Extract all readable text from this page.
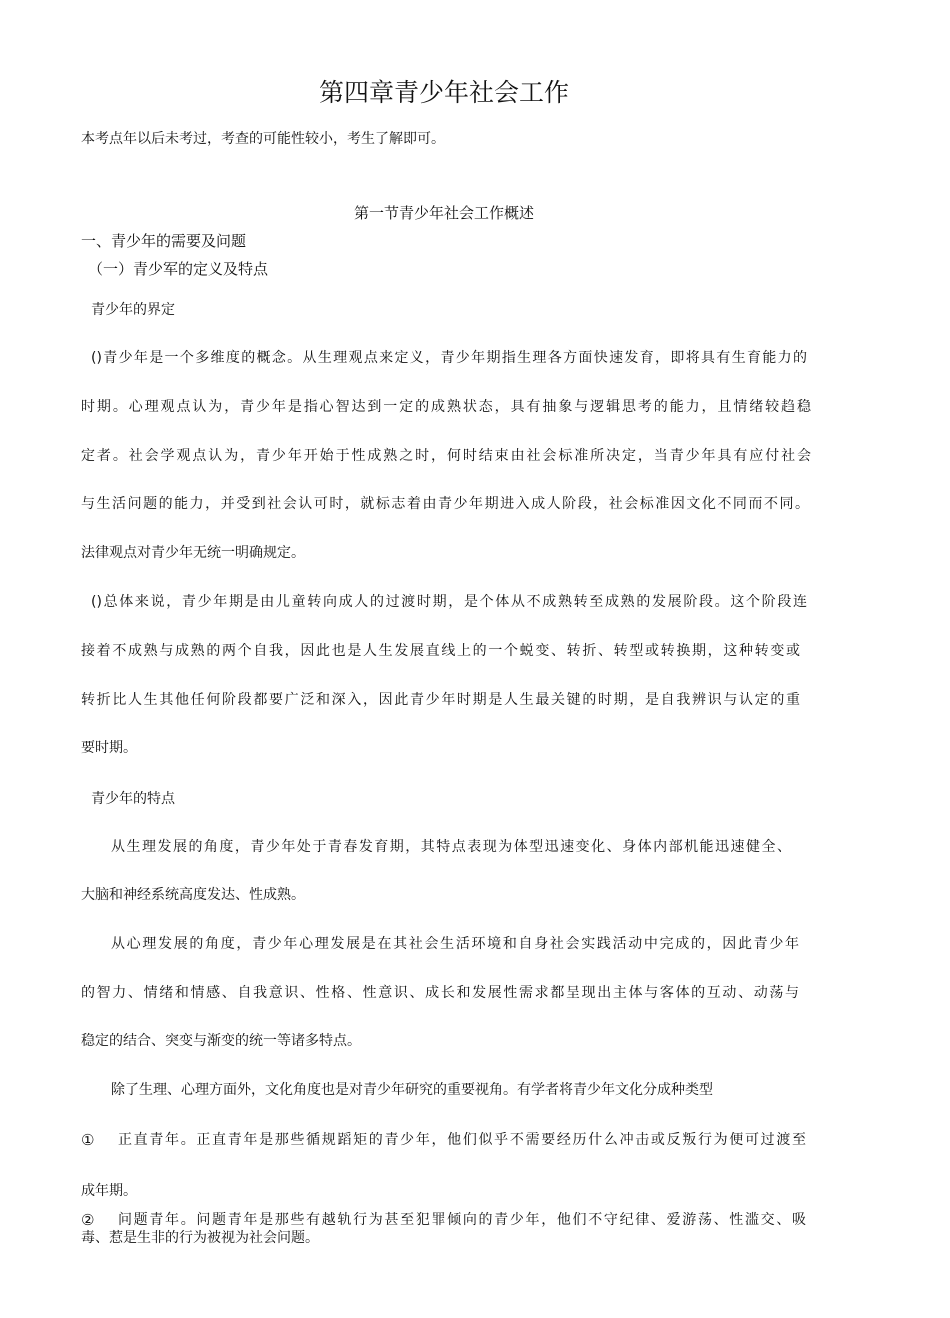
第四章青少年社会工作
本考点年以后未考过，考查的可能性较小，考生了解即可。
第一节青少年社会工作概述
一、青少年的需要及问题
（一）青少军的定义及特点
青少年的界定
()青少年是一个多维度的概念。从生理观点来定义，青少年期指生理各方面快速发育，即将具有生育能力的
时期。心理观点认为，青少年是指心智达到一定的成熟状态，具有抽象与逻辑思考的能力，且情绪较趋稳
定者。社会学观点认为，青少年开始于性成熟之时，何时结束由社会标准所决定，当青少年具有应付社会
与生活问题的能力，并受到社会认可时，就标志着由青少年期进入成人阶段，社会标准因文化不同而不同。
法律观点对青少年无统一明确规定。
()总体来说，青少年期是由儿童转向成人的过渡时期，是个体从不成熟转至成熟的发展阶段。这个阶段连
接着不成熟与成熟的两个自我，因此也是人生发展直线上的一个蜕变、转折、转型或转换期，这种转变或
转折比人生其他任何阶段都要广泛和深入，因此青少年时期是人生最关键的时期，是自我辨识与认定的重
要时期。
青少年的特点
从生理发展的角度，青少年处于青春发育期，其特点表现为体型迅速变化、身体内部机能迅速健全、
大脑和神经系统高度发达、性成熟。
从心理发展的角度，青少年心理发展是在其社会生活环境和自身社会实践活动中完成的，因此青少年
的智力、情绪和情感、自我意识、性格、性意识、成长和发展性需求都呈现出主体与客体的互动、动荡与
稳定的结合、突变与渐变的统一等诸多特点。
除了生理、心理方面外，文化角度也是对青少年研究的重要视角。有学者将青少年文化分成种类型
① 正直青年。正直青年是那些循规蹈矩的青少年，他们似乎不需要经历什么冲击或反叛行为便可过渡至
成年期。
② 问题青年。问题青年是那些有越轨行为甚至犯罪倾向的青少年，他们不守纪律、爱游荡、性滥交、吸
毒、惹是生非的行为被视为社会问题。
